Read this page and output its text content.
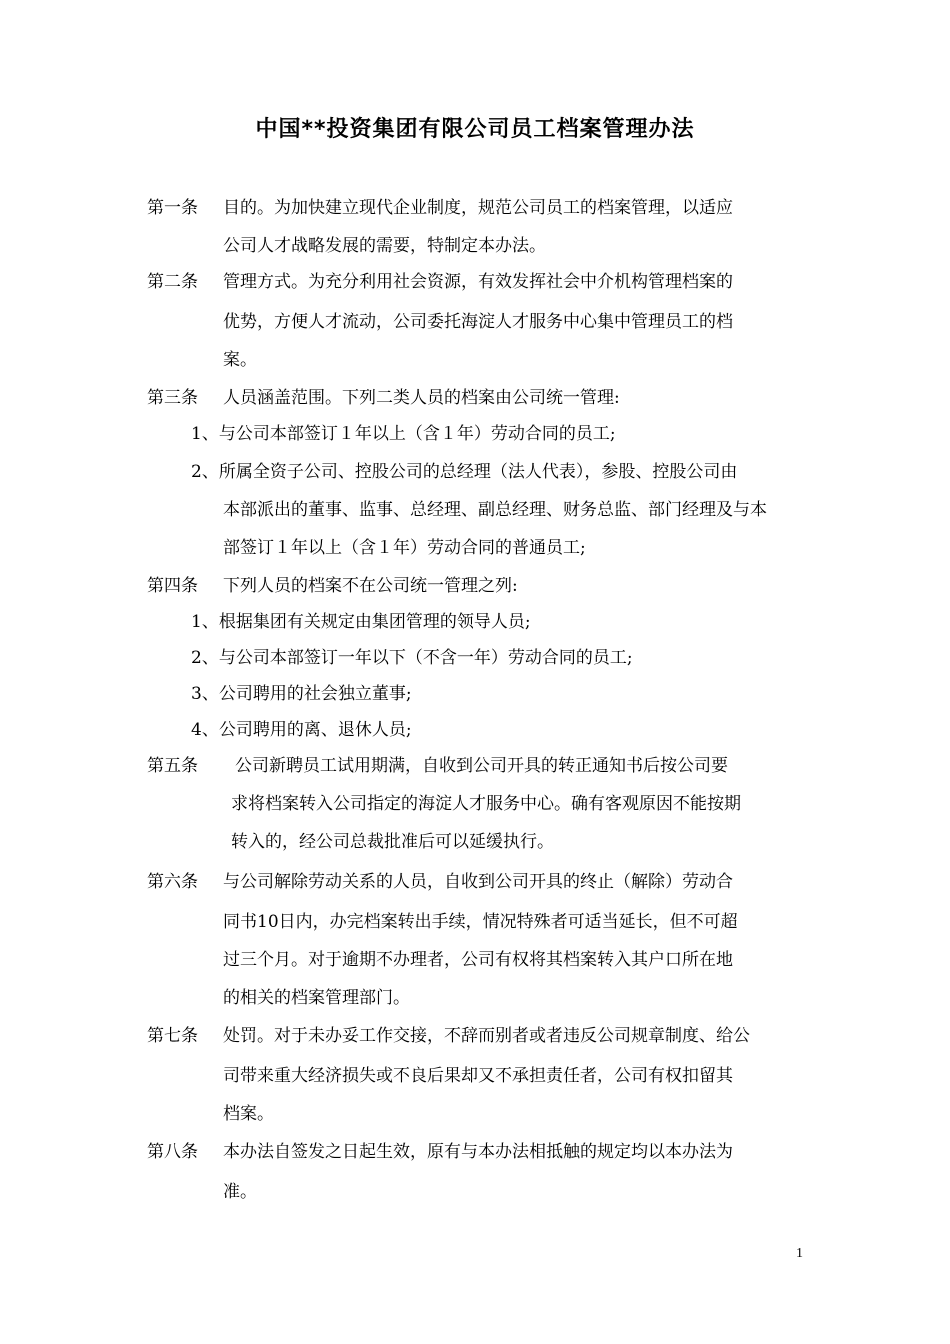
中国**投资集团有限公司员工档案管理办法
第一条 目的。为加快建立现代企业制度，规范公司员工的档案管理，以适应
公司人才战略发展的需要，特制定本办法。
第二条 管理方式。为充分利用社会资源，有效发挥社会中介机构管理档案的
优势，方便人才流动，公司委托海淀人才服务中心集中管理员工的档
案。
第三条 人员涵盖范围。下列二类人员的档案由公司统一管理:
1、与公司本部签订１年以上（含１年）劳动合同的员工;
2、所属全资子公司、控股公司的总经理（法人代表），参股、控股公司由
本部派出的董事、监事、总经理、副总经理、财务总监、部门经理及与本
部签订１年以上（含１年）劳动合同的普通员工;
第四条 下列人员的档案不在公司统一管理之列:
1、根据集团有关规定由集团管理的领导人员;
2、与公司本部签订一年以下（不含一年）劳动合同的员工;
3、公司聘用的社会独立董事;
4、公司聘用的离、退休人员;
第五条 公司新聘员工试用期满，自收到公司开具的转正通知书后按公司要
求将档案转入公司指定的海淀人才服务中心。确有客观原因不能按期
转入的，经公司总裁批准后可以延缓执行。
第六条 与公司解除劳动关系的人员，自收到公司开具的终止（解除）劳动合
同书10日内，办完档案转出手续，情况特殊者可适当延长，但不可超
过三个月。对于逾期不办理者，公司有权将其档案转入其户口所在地
的相关的档案管理部门。
第七条 处罚。对于未办妥工作交接，不辞而别者或者违反公司规章制度、给公
司带来重大经济损失或不良后果却又不承担责任者，公司有权扣留其
档案。
第八条 本办法自签发之日起生效，原有与本办法相抵触的规定均以本办法为
准。
1
